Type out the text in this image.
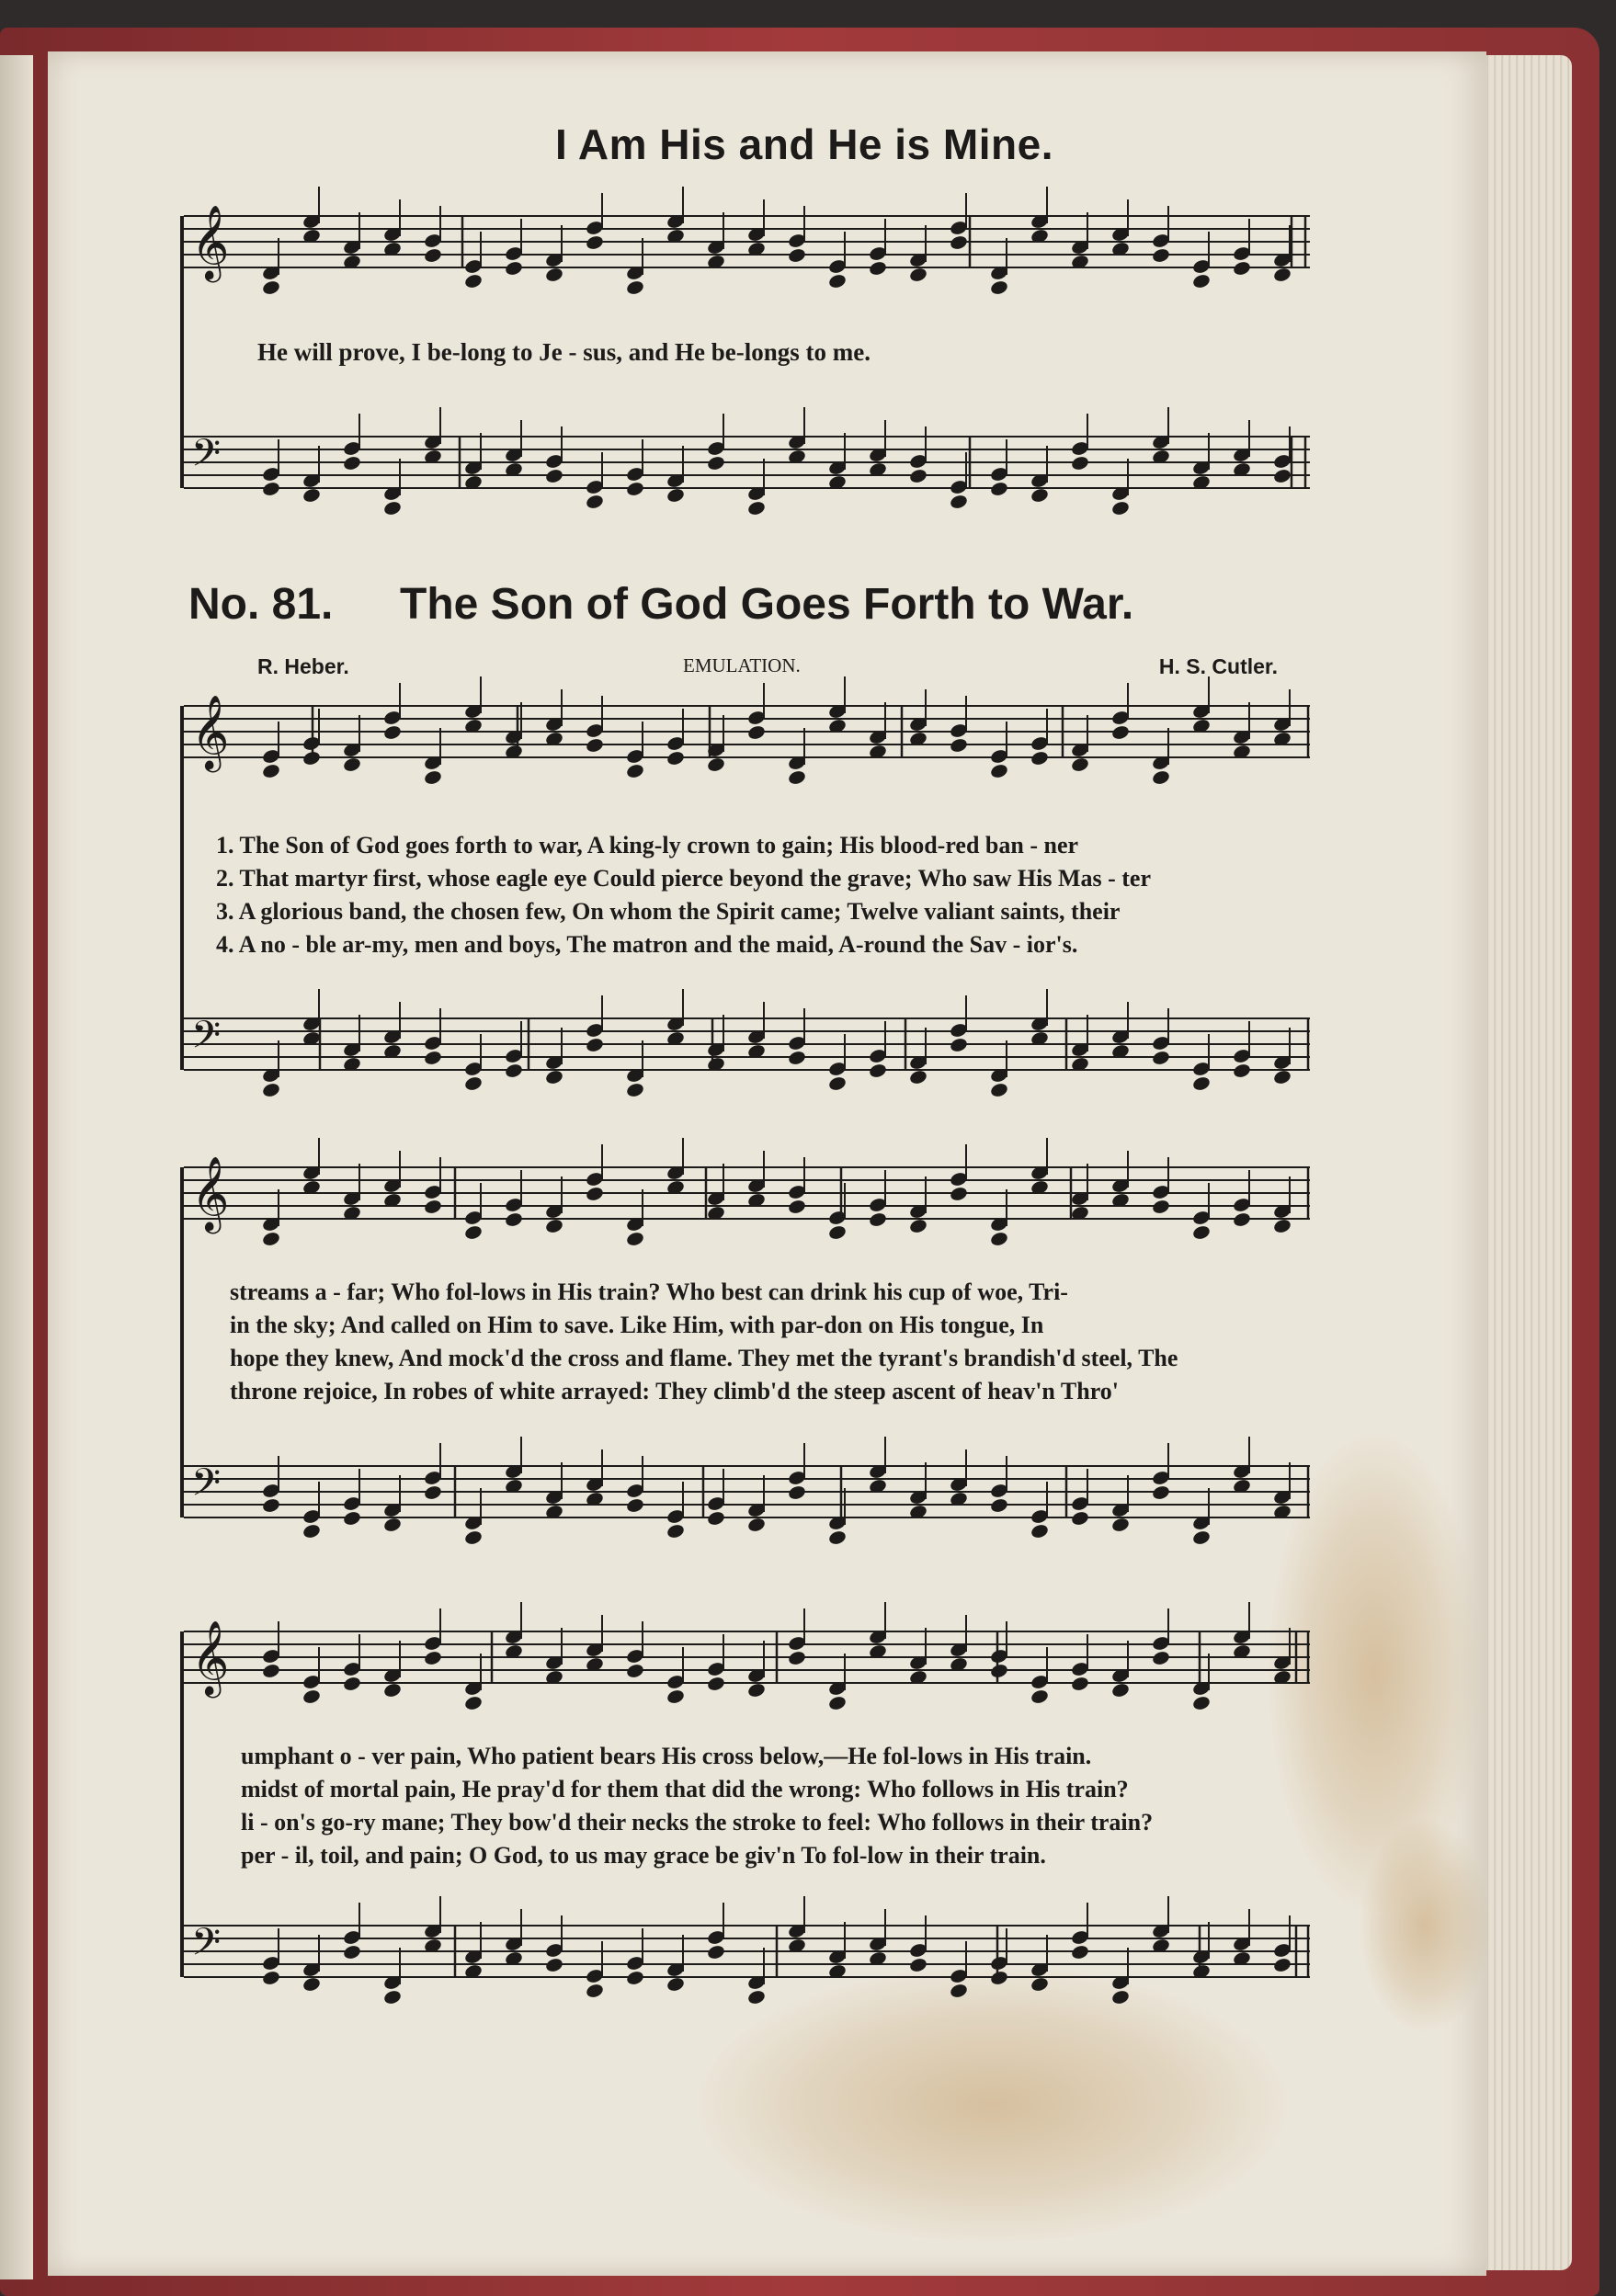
𝄞
𝄢
𝄞
𝄢
𝄞
𝄢
𝄞
𝄢
I Am His and He is Mine.
He will prove, I be-long to Je - sus, and He be-longs to me.
No. 81. The Son of God Goes Forth to War.
R. Heber.	EMULATION.	H. S. Cutler.
1. The Son of God goes forth to war, A king-ly crown to gain; His blood-red ban - ner
2. That martyr first, whose eagle eye Could pierce beyond the grave; Who saw His Mas - ter
3. A glorious band, the chosen few, On whom the Spirit came; Twelve valiant saints, their
4. A no - ble ar-my, men and boys, The matron and the maid, A-round the Sav - ior's.
streams a - far; Who fol-lows in His train? Who best can drink his cup of woe, Tri-
in the sky; And called on Him to save. Like Him, with par-don on His tongue, In
hope they knew, And mock'd the cross and flame. They met the tyrant's brandish'd steel, The
throne rejoice, In robes of white arrayed: They climb'd the steep ascent of heav'n Thro'
umphant o - ver pain, Who patient bears His cross below,—He fol-lows in His train.
midst of mortal pain, He pray'd for them that did the wrong: Who follows in His train?
li - on's go-ry mane; They bow'd their necks the stroke to feel: Who follows in their train?
per - il, toil, and pain; O God, to us may grace be giv'n To fol-low in their train.
